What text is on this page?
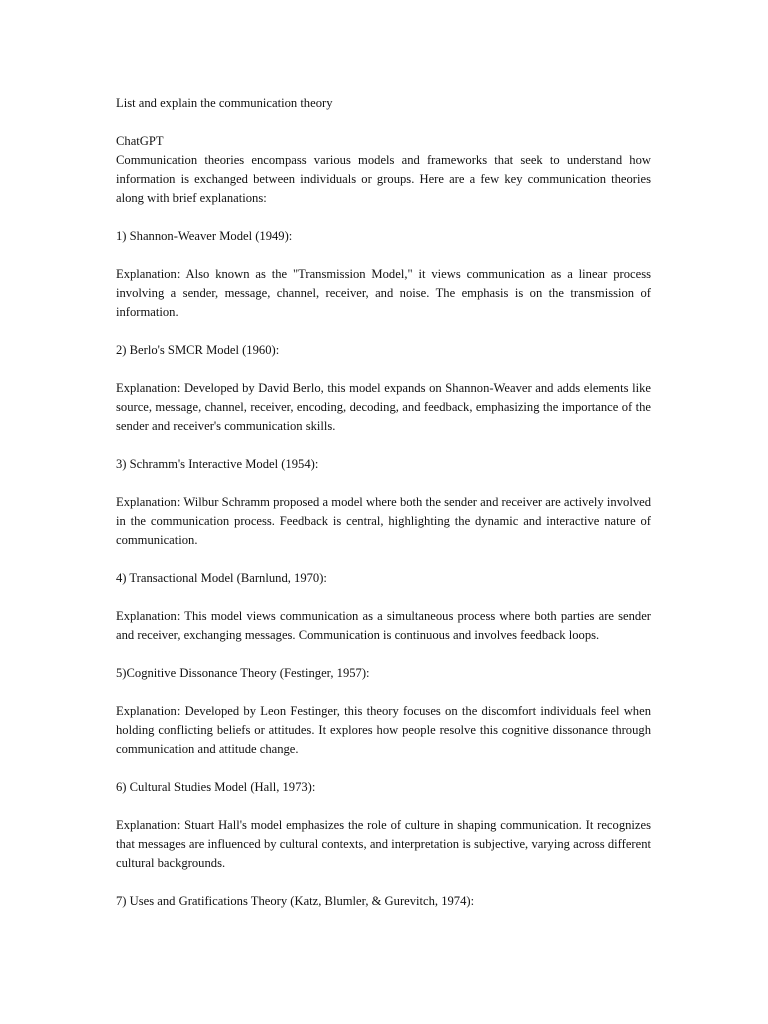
List and explain the communication theory

ChatGPT

Communication theories encompass various models and frameworks that seek to understand how information is exchanged between individuals or groups. Here are a few key communication theories along with brief explanations:

1) Shannon-Weaver Model (1949):

Explanation: Also known as the "Transmission Model," it views communication as a linear process involving a sender, message, channel, receiver, and noise. The emphasis is on the transmission of information.

2) Berlo's SMCR Model (1960):

Explanation: Developed by David Berlo, this model expands on Shannon-Weaver and adds elements like source, message, channel, receiver, encoding, decoding, and feedback, emphasizing the importance of the sender and receiver's communication skills.

3) Schramm's Interactive Model (1954):

Explanation: Wilbur Schramm proposed a model where both the sender and receiver are actively involved in the communication process. Feedback is central, highlighting the dynamic and interactive nature of communication.

4) Transactional Model (Barnlund, 1970):

Explanation: This model views communication as a simultaneous process where both parties are sender and receiver, exchanging messages. Communication is continuous and involves feedback loops.

5)Cognitive Dissonance Theory (Festinger, 1957):

Explanation: Developed by Leon Festinger, this theory focuses on the discomfort individuals feel when holding conflicting beliefs or attitudes. It explores how people resolve this cognitive dissonance through communication and attitude change.

6) Cultural Studies Model (Hall, 1973):

Explanation: Stuart Hall's model emphasizes the role of culture in shaping communication. It recognizes that messages are influenced by cultural contexts, and interpretation is subjective, varying across different cultural backgrounds.

7) Uses and Gratifications Theory (Katz, Blumler, & Gurevitch, 1974):
